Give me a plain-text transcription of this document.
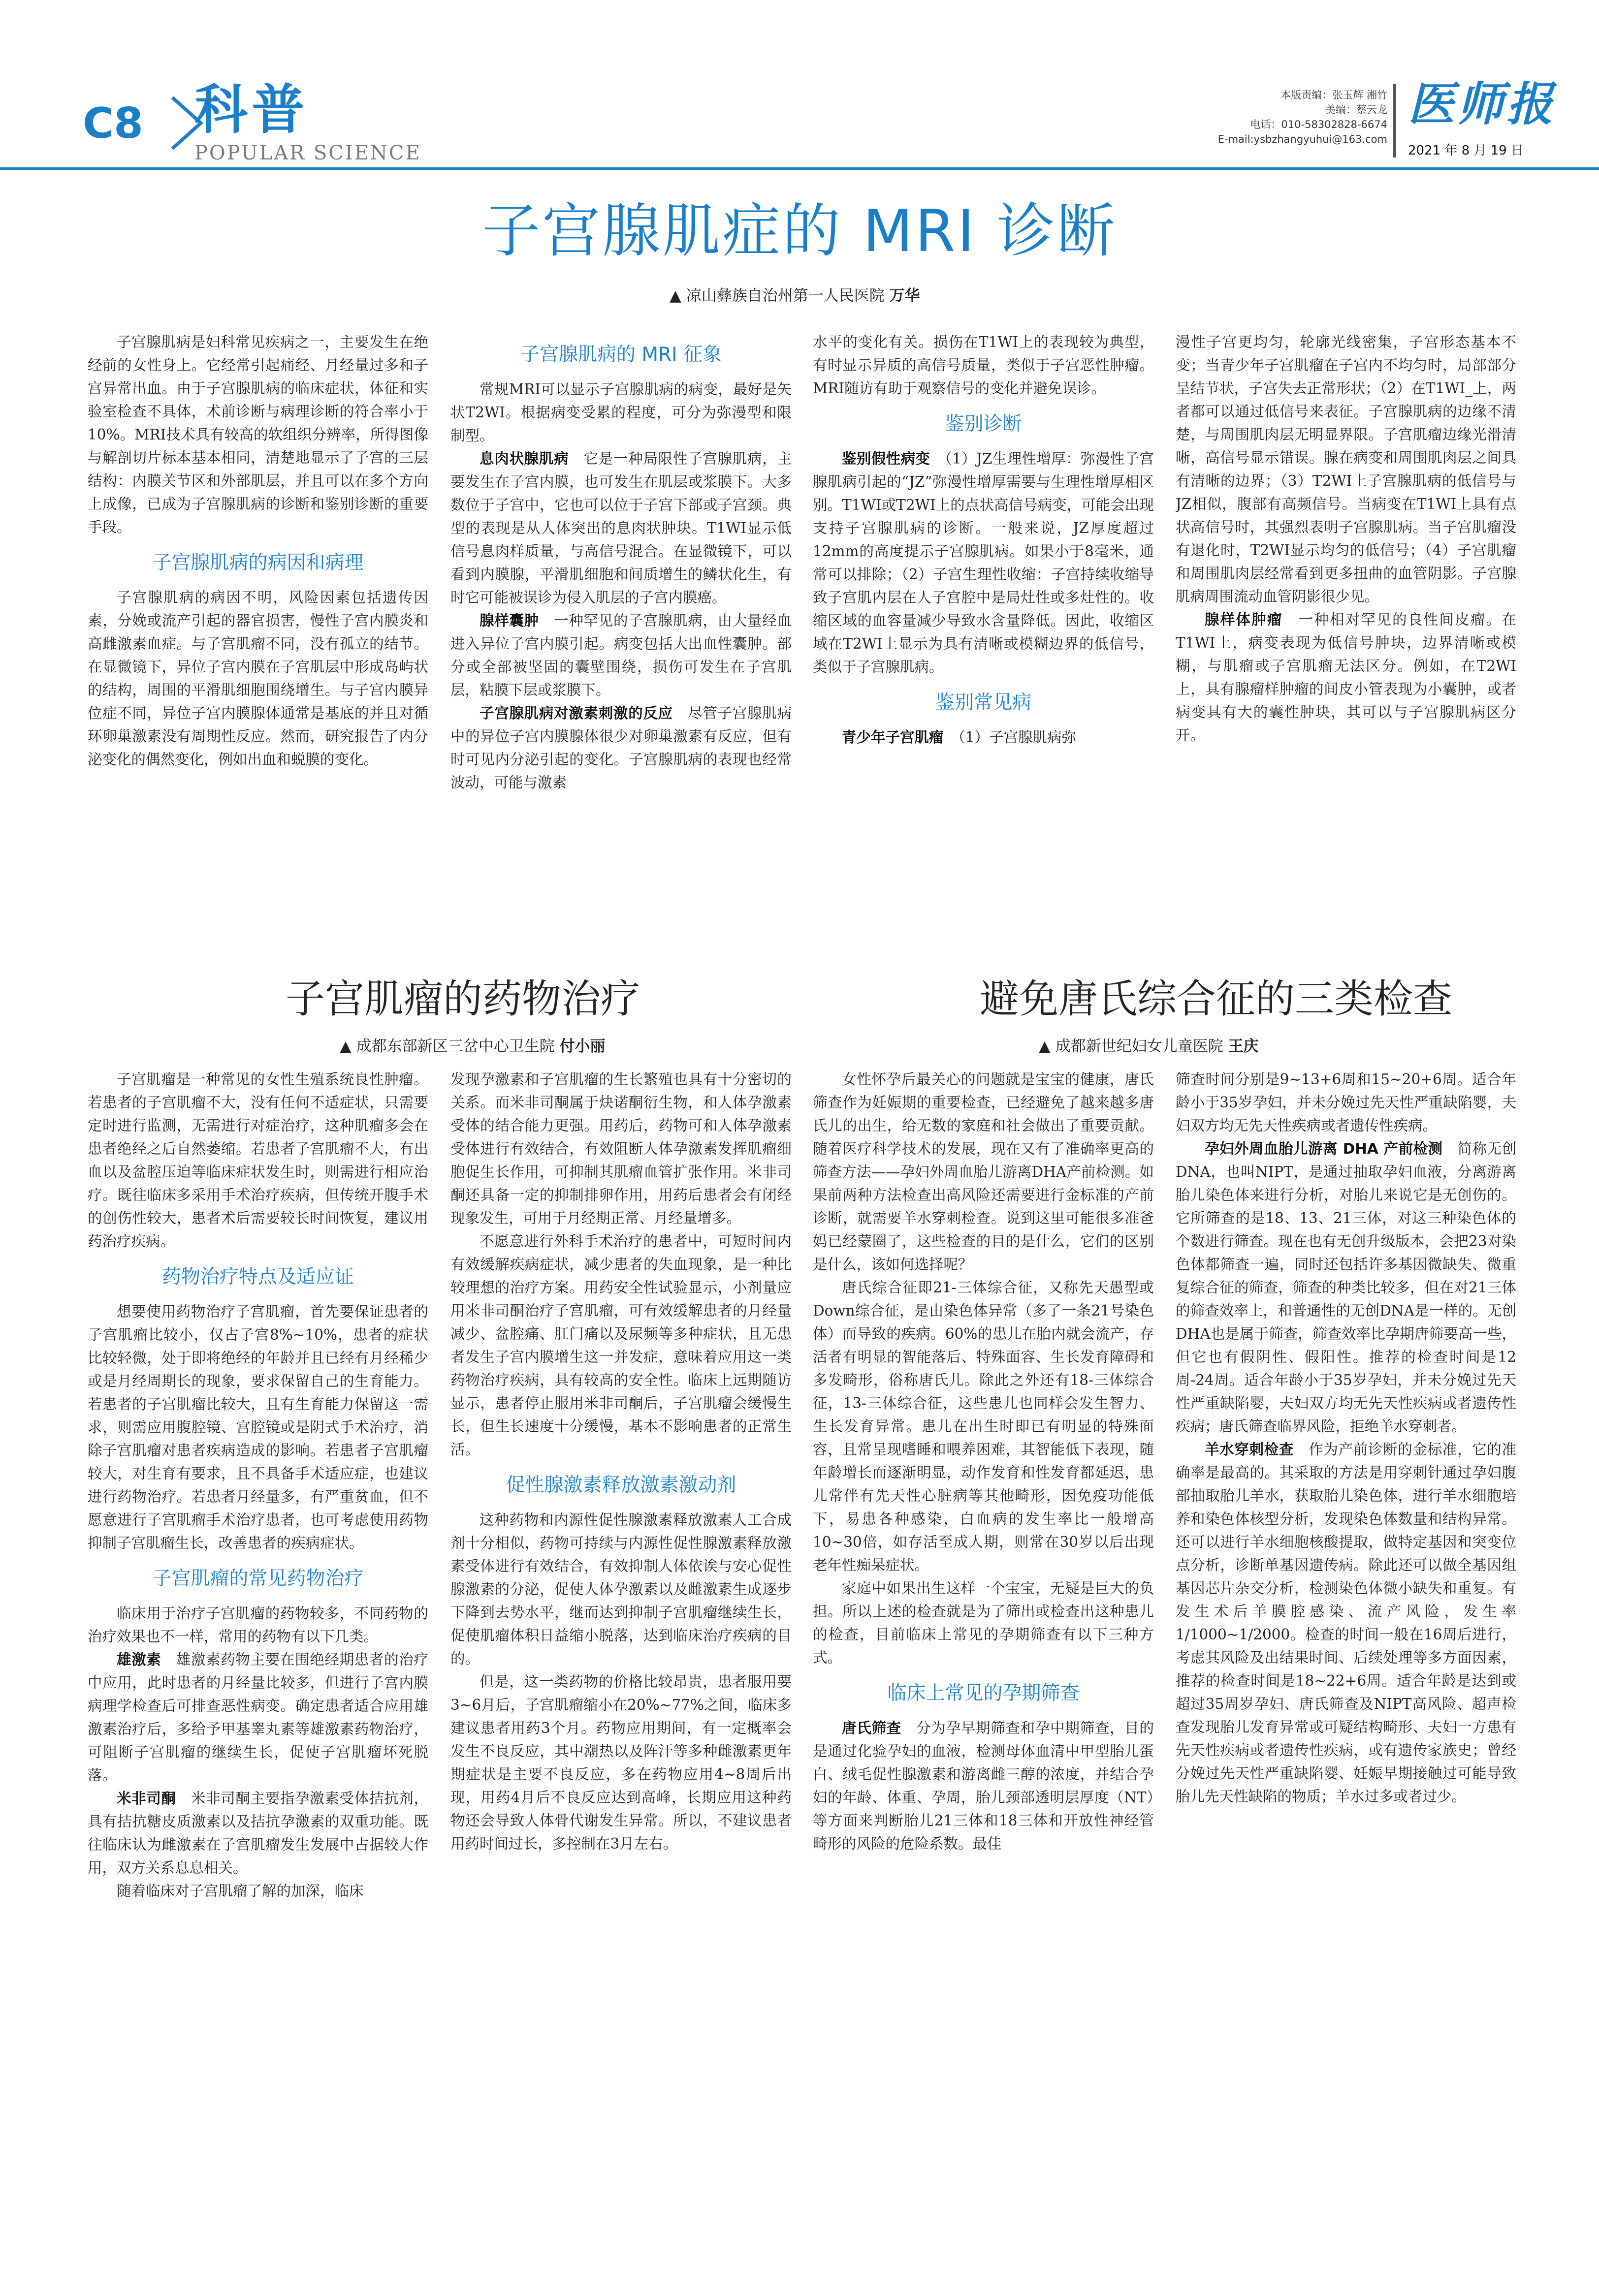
C8 科普
POPULAR SCIENCE
本版责编：张玉辉 湘竹
美编：蔡云龙
电话：010-58302828-6674
E-mail:ysbzhangyuhui@163.com
医师报
2021 年 8 月 19 日
子宫腺肌症的 MRI 诊断
▲ 凉山彝族自治州第一人民医院 万华

子宫腺肌病是妇科常见疾病之一，主要发生在绝经前的女性身上。它经常引起痛经、月经量过多和子宫异常出血。由于子宫腺肌病的临床症状，体征和实验室检查不具体，术前诊断与病理诊断的符合率小于10%。MRI技术具有较高的软组织分辨率，所得图像与解剖切片标本基本相同，清楚地显示了子宫的三层结构：内膜关节区和外部肌层，并且可以在多个方向上成像，已成为子宫腺肌病的诊断和鉴别诊断的重要手段。

子宫腺肌病的病因和病理

子宫腺肌病的病因不明，风险因素包括遗传因素，分娩或流产引起的器官损害，慢性子宫内膜炎和高雌激素血症。与子宫肌瘤不同，没有孤立的结节。在显微镜下，异位子宫内膜在子宫肌层中形成岛屿状的结构，周围的平滑肌细胞围绕增生。与子宫内膜异位症不同，异位子宫内膜腺体通常是基底的并且对循环卵巢激素没有周期性反应。然而，研究报告了内分泌变化的偶然变化，例如出血和蜕膜的变化。

子宫腺肌病的 MRI 征象

常规MRI可以显示子宫腺肌病的病变，最好是矢状T2WI。根据病变受累的程度，可分为弥漫型和限制型。

息肉状腺肌病　 它是一种局限性子宫腺肌病，主要发生在子宫内膜，也可发生在肌层或浆膜下。大多数位于子宫中，它也可以位于子宫下部或子宫颈。典型的表现是从人体突出的息肉状肿块。T1WI显示低信号息肉样质量，与高信号混合。在显微镜下，可以看到内膜腺，平滑肌细胞和间质增生的鳞状化生，有时它可能被误诊为侵入肌层的子宫内膜癌。

腺样囊肿　 一种罕见的子宫腺肌病，由大量经血进入异位子宫内膜引起。病变包括大出血性囊肿。部分或全部被坚固的囊壁围绕，损伤可发生在子宫肌层，粘膜下层或浆膜下。

子宫腺肌病对激素刺激的反应　 尽管子宫腺肌病中的异位子宫内膜腺体很少对卵巢激素有反应，但有时可见内分泌引起的变化。子宫腺肌病的表现也经常波动，可能与激素

水平的变化有关。损伤在T1WI上的表现较为典型，有时显示异质的高信号质量，类似于子宫恶性肿瘤。MRI随访有助于观察信号的变化并避免误诊。

鉴别诊断

鉴别假性病变　 （1）JZ生理性增厚：弥漫性子宫腺肌病引起的“JZ”弥漫性增厚需要与生理性增厚相区别。T1WI或T2WI上的点状高信号病变，可能会出现支持子宫腺肌病的诊断。一般来说，JZ厚度超过12mm的高度提示子宫腺肌病。如果小于8毫米，通常可以排除；（2）子宫生理性收缩：子宫持续收缩导致子宫肌内层在人子宫腔中是局灶性或多灶性的。收缩区域的血容量减少导致水含量降低。因此，收缩区域在T2WI上显示为具有清晰或模糊边界的低信号，类似于子宫腺肌病。

鉴别常见病

青少年子宫肌瘤　 （1）子宫腺肌病弥

漫性子宫更均匀，轮廓光线密集，子宫形态基本不变；当青少年子宫肌瘤在子宫内不均匀时，局部部分呈结节状，子宫失去正常形状；（2）在T1WI_上，两者都可以通过低信号来表征。子宫腺肌病的边缘不清楚，与周围肌肉层无明显界限。子宫肌瘤边缘光滑清晰，高信号显示错误。腺在病变和周围肌肉层之间具有清晰的边界；（3）T2WI上子宫腺肌病的低信号与JZ相似，腹部有高频信号。当病变在T1WI上具有点状高信号时，其强烈表明子宫腺肌病。当子宫肌瘤没有退化时，T2WI显示均匀的低信号；（4）子宫肌瘤和周围肌肉层经常看到更多扭曲的血管阴影。子宫腺肌病周围流动血管阴影很少见。

腺样体肿瘤　 一种相对罕见的良性间皮瘤。在T1WI上，病变表现为低信号肿块，边界清晰或模糊，与肌瘤或子宫肌瘤无法区分。例如，在T2WI上，具有腺瘤样肿瘤的间皮小管表现为小囊肿，或者病变具有大的囊性肿块，其可以与子宫腺肌病区分开。

子宫肌瘤的药物治疗
▲ 成都东部新区三岔中心卫生院 付小丽

子宫肌瘤是一种常见的女性生殖系统良性肿瘤。若患者的子宫肌瘤不大，没有任何不适症状，只需要定时进行监测，无需进行对症治疗，这种肌瘤多会在患者绝经之后自然萎缩。若患者子宫肌瘤不大，有出血以及盆腔压迫等临床症状发生时，则需进行相应治疗。既往临床多采用手术治疗疾病，但传统开腹手术的创伤性较大，患者术后需要较长时间恢复，建议用药治疗疾病。

药物治疗特点及适应证

想要使用药物治疗子宫肌瘤，首先要保证患者的子宫肌瘤比较小，仅占子宫8%~10%，患者的症状比较轻微，处于即将绝经的年龄并且已经有月经稀少或是月经周期长的现象，要求保留自己的生育能力。若患者的子宫肌瘤比较大，且有生育能力保留这一需求，则需应用腹腔镜、宫腔镜或是阴式手术治疗，消除子宫肌瘤对患者疾病造成的影响。若患者子宫肌瘤较大，对生育有要求，且不具备手术适应症，也建议进行药物治疗。若患者月经量多，有严重贫血，但不愿意进行子宫肌瘤手术治疗患者，也可考虑使用药物抑制子宫肌瘤生长，改善患者的疾病症状。

子宫肌瘤的常见药物治疗

临床用于治疗子宫肌瘤的药物较多，不同药物的治疗效果也不一样，常用的药物有以下几类。

雄激素　 雄激素药物主要在围绝经期患者的治疗中应用，此时患者的月经量比较多，但进行子宫内膜病理学检查后可排查恶性病变。确定患者适合应用雄激素治疗后，多给予甲基睾丸素等雄激素药物治疗，可阻断子宫肌瘤的继续生长，促使子宫肌瘤坏死脱落。

米非司酮　 米非司酮主要指孕激素受体拮抗剂，具有拮抗糖皮质激素以及拮抗孕激素的双重功能。既往临床认为雌激素在子宫肌瘤发生发展中占据较大作用，双方关系息息相关。

随着临床对子宫肌瘤了解的加深，临床

发现孕激素和子宫肌瘤的生长繁殖也具有十分密切的关系。而米非司酮属于炔诺酮衍生物，和人体孕激素受体的结合能力更强。用药后，药物可和人体孕激素受体进行有效结合，有效阻断人体孕激素发挥肌瘤细胞促生长作用，可抑制其肌瘤血管扩张作用。米非司酮还具备一定的抑制排卵作用，用药后患者会有闭经现象发生，可用于月经期正常、月经量增多。

不愿意进行外科手术治疗的患者中，可短时间内有效缓解疾病症状，减少患者的失血现象，是一种比较理想的治疗方案。用药安全性试验显示，小剂量应用米非司酮治疗子宫肌瘤，可有效缓解患者的月经量减少、盆腔痛、肛门痛以及尿频等多种症状，且无患者发生子宫内膜增生这一并发症，意味着应用这一类药物治疗疾病，具有较高的安全性。临床上远期随访显示，患者停止服用米非司酮后，子宫肌瘤会缓慢生长，但生长速度十分缓慢，基本不影响患者的正常生活。

促性腺激素释放激素激动剂

这种药物和内源性促性腺激素释放激素人工合成剂十分相似，药物可持续与内源性促性腺激素释放激素受体进行有效结合，有效抑制人体依诶与安心促性腺激素的分泌，促使人体孕激素以及雌激素生成逐步下降到去势水平，继而达到抑制子宫肌瘤继续生长，促使肌瘤体积日益缩小脱落，达到临床治疗疾病的目的。

但是，这一类药物的价格比较昂贵，患者服用要3~6月后，子宫肌瘤缩小在20%~77%之间，临床多建议患者用药3个月。药物应用期间，有一定概率会发生不良反应，其中潮热以及阵汗等多种雌激素更年期症状是主要不良反应，多在药物应用4~8周后出现，用药4月后不良反应达到高峰，长期应用这种药物还会导致人体骨代谢发生异常。所以，不建议患者用药时间过长，多控制在3月左右。

避免唐氏综合征的三类检查
▲ 成都新世纪妇女儿童医院 王庆

女性怀孕后最关心的问题就是宝宝的健康，唐氏筛查作为妊娠期的重要检查，已经避免了越来越多唐氏儿的出生，给无数的家庭和社会做出了重要贡献。随着医疗科学技术的发展，现在又有了准确率更高的筛查方法——孕妇外周血胎儿游离DHA产前检测。如果前两种方法检查出高风险还需要进行金标准的产前诊断，就需要羊水穿刺检查。说到这里可能很多准爸妈已经蒙圈了，这些检查的目的是什么，它们的区别是什么，该如何选择呢？

唐氏综合征即21-三体综合征，又称先天愚型或Down综合征，是由染色体异常（多了一条21号染色体）而导致的疾病。60%的患儿在胎内就会流产，存活者有明显的智能落后、特殊面容、生长发育障碍和多发畸形，俗称唐氏儿。除此之外还有18-三体综合征，13-三体综合征，这些患儿也同样会发生智力、生长发育异常。患儿在出生时即已有明显的特殊面容，且常呈现嗜睡和喂养困难，其智能低下表现，随年龄增长而逐渐明显，动作发育和性发育都延迟，患儿常伴有先天性心脏病等其他畸形，因免疫功能低下，易患各种感染，白血病的发生率比一般增高10~30倍，如存活至成人期，则常在30岁以后出现老年性痴呆症状。

家庭中如果出生这样一个宝宝，无疑是巨大的负担。所以上述的检查就是为了筛出或检查出这种患儿的检查，目前临床上常见的孕期筛查有以下三种方式。

临床上常见的孕期筛查

唐氏筛查　 分为孕早期筛查和孕中期筛查，目的是通过化验孕妇的血液，检测母体血清中甲型胎儿蛋白、绒毛促性腺激素和游离雌三醇的浓度，并结合孕妇的年龄、体重、孕周，胎儿颈部透明层厚度（NT）等方面来判断胎儿21三体和18三体和开放性神经管畸形的风险的危险系数。最佳

筛查时间分别是9~13+6周和15~20+6周。适合年龄小于35岁孕妇，并未分娩过先天性严重缺陷婴，夫妇双方均无先天性疾病或者遗传性疾病。

孕妇外周血胎儿游离 DHA 产前检测　 简称无创DNA，也叫NIPT，是通过抽取孕妇血液，分离游离胎儿染色体来进行分析，对胎儿来说它是无创伤的。它所筛查的是18、13、21三体，对这三种染色体的个数进行筛查。现在也有无创升级版本，会把23对染色体都筛查一遍，同时还包括许多基因微缺失、微重复综合征的筛查，筛查的种类比较多，但在对21三体的筛查效率上，和普通性的无创DNA是一样的。无创DHA也是属于筛查，筛查效率比孕期唐筛要高一些，但它也有假阴性、假阳性。推荐的检查时间是12周-24周。适合年龄小于35岁孕妇，并未分娩过先天性严重缺陷婴，夫妇双方均无先天性疾病或者遗传性疾病；唐氏筛查临界风险，拒绝羊水穿刺者。

羊水穿刺检查　 作为产前诊断的金标准，它的准确率是最高的。其采取的方法是用穿刺针通过孕妇腹部抽取胎儿羊水，获取胎儿染色体，进行羊水细胞培养和染色体核型分析，发现染色体数量和结构异常。还可以进行羊水细胞核酸提取，做特定基因和突变位点分析，诊断单基因遗传病。除此还可以做全基因组基因芯片杂交分析，检测染色体微小缺失和重复。有发生术后羊膜腔感染、流产风险，发生率1/1000~1/2000。检查的时间一般在16周后进行，考虑其风险及出结果时间、后续处理等多方面因素，推荐的检查时间是18~22+6周。适合年龄是达到或超过35周岁孕妇、唐氏筛查及NIPT高风险、超声检查发现胎儿发育异常或可疑结构畸形、夫妇一方患有先天性疾病或者遗传性疾病，或有遗传家族史；曾经分娩过先天性严重缺陷婴、妊娠早期接触过可能导致胎儿先天性缺陷的物质；羊水过多或者过少。
